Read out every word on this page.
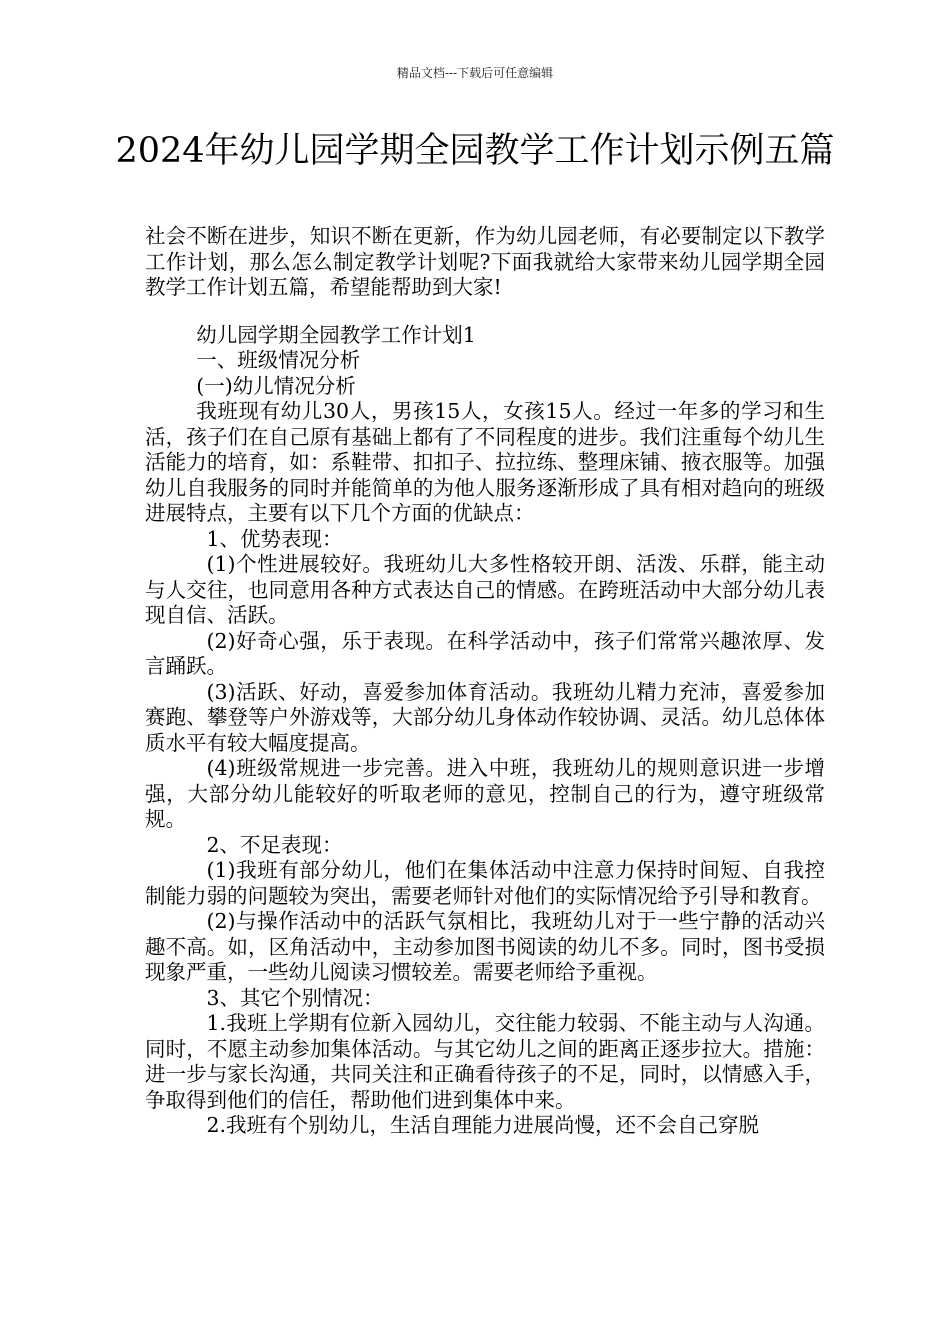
精品文档---下载后可任意编辑
2024年幼儿园学期全园教学工作计划示例五篇

社会不断在进步，知识不断在更新，作为幼儿园老师，有必要制定以下教学工作计划，那么怎么制定教学计划呢?下面我就给大家带来幼儿园学期全园教学工作计划五篇，希望能帮助到大家!

幼儿园学期全园教学工作计划1

一、班级情况分析

(一)幼儿情况分析

我班现有幼儿30人，男孩15人，女孩15人。经过一年多的学习和生活，孩子们在自己原有基础上都有了不同程度的进步。我们注重每个幼儿生活能力的培育，如：系鞋带、扣扣子、拉拉练、整理床铺、掖衣服等。加强幼儿自我服务的同时并能简单的为他人服务逐渐形成了具有相对趋向的班级进展特点，主要有以下几个方面的优缺点：

1、优势表现：

(1)个性进展较好。我班幼儿大多性格较开朗、活泼、乐群，能主动与人交往，也同意用各种方式表达自己的情感。在跨班活动中大部分幼儿表现自信、活跃。

(2)好奇心强，乐于表现。在科学活动中，孩子们常常兴趣浓厚、发言踊跃。

(3)活跃、好动，喜爱参加体育活动。我班幼儿精力充沛，喜爱参加赛跑、攀登等户外游戏等，大部分幼儿身体动作较协调、灵活。幼儿总体体质水平有较大幅度提高。

(4)班级常规进一步完善。进入中班，我班幼儿的规则意识进一步增强，大部分幼儿能较好的听取老师的意见，控制自己的行为，遵守班级常规。

2、不足表现：

(1)我班有部分幼儿，他们在集体活动中注意力保持时间短、自我控制能力弱的问题较为突出，需要老师针对他们的实际情况给予引导和教育。

(2)与操作活动中的活跃气氛相比，我班幼儿对于一些宁静的活动兴趣不高。如，区角活动中，主动参加图书阅读的幼儿不多。同时，图书受损现象严重，一些幼儿阅读习惯较差。需要老师给予重视。

3、其它个别情况：

1.我班上学期有位新入园幼儿，交往能力较弱、不能主动与人沟通。同时，不愿主动参加集体活动。与其它幼儿之间的距离正逐步拉大。措施：进一步与家长沟通，共同关注和正确看待孩子的不足，同时，以情感入手，争取得到他们的信任，帮助他们进到集体中来。

2.我班有个别幼儿，生活自理能力进展尚慢，还不会自己穿脱
